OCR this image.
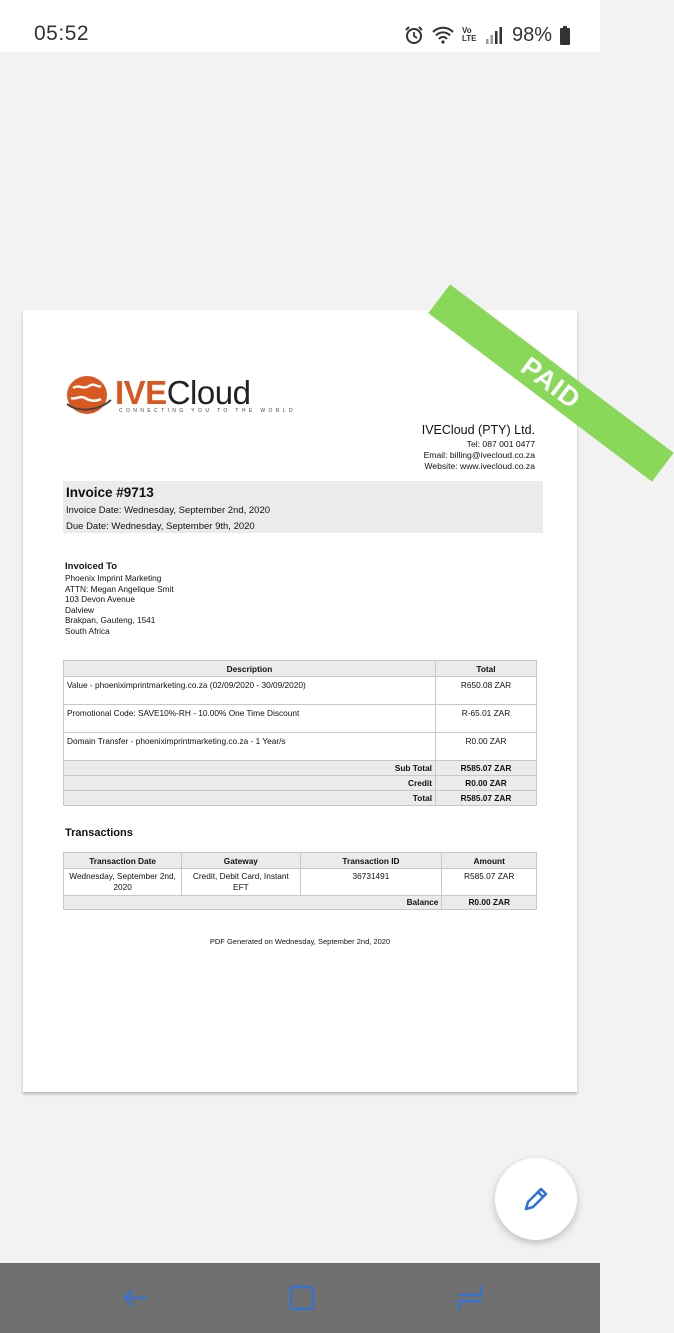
05:52	Vo
LTE 98%
PAID
IVECloud
CONNECTING YOU TO THE WORLD
IVECloud (PTY) Ltd.
Tel: 087 001 0477
Email: billing@ivecloud.co.za
Website: www.ivecloud.co.za
Invoice #9713
Invoice Date: Wednesday, September 2nd, 2020
Due Date: Wednesday, September 9th, 2020
Invoiced To
Phoenix Imprint Marketing
ATTN: Megan Angelique Smit
103 Devon Avenue
Dalview
Brakpan, Gauteng, 1541
South Africa
Description	Total
Value - phoeniximprintmarketing.co.za (02/09/2020 - 30/09/2020)	R650.08 ZAR
Promotional Code: SAVE10%-RH - 10.00% One Time Discount	R-65.01 ZAR
Domain Transfer - phoeniximprintmarketing.co.za - 1 Year/s	R0.00 ZAR
Sub Total	R585.07 ZAR
Credit	R0.00 ZAR
Total	R585.07 ZAR
Transactions
Transaction Date	Gateway	Transaction ID	Amount
Wednesday, September 2nd, 2020	Credit, Debit Card, Instant EFT	36731491	R585.07 ZAR
Balance			R0.00 ZAR
PDF Generated on Wednesday, September 2nd, 2020
